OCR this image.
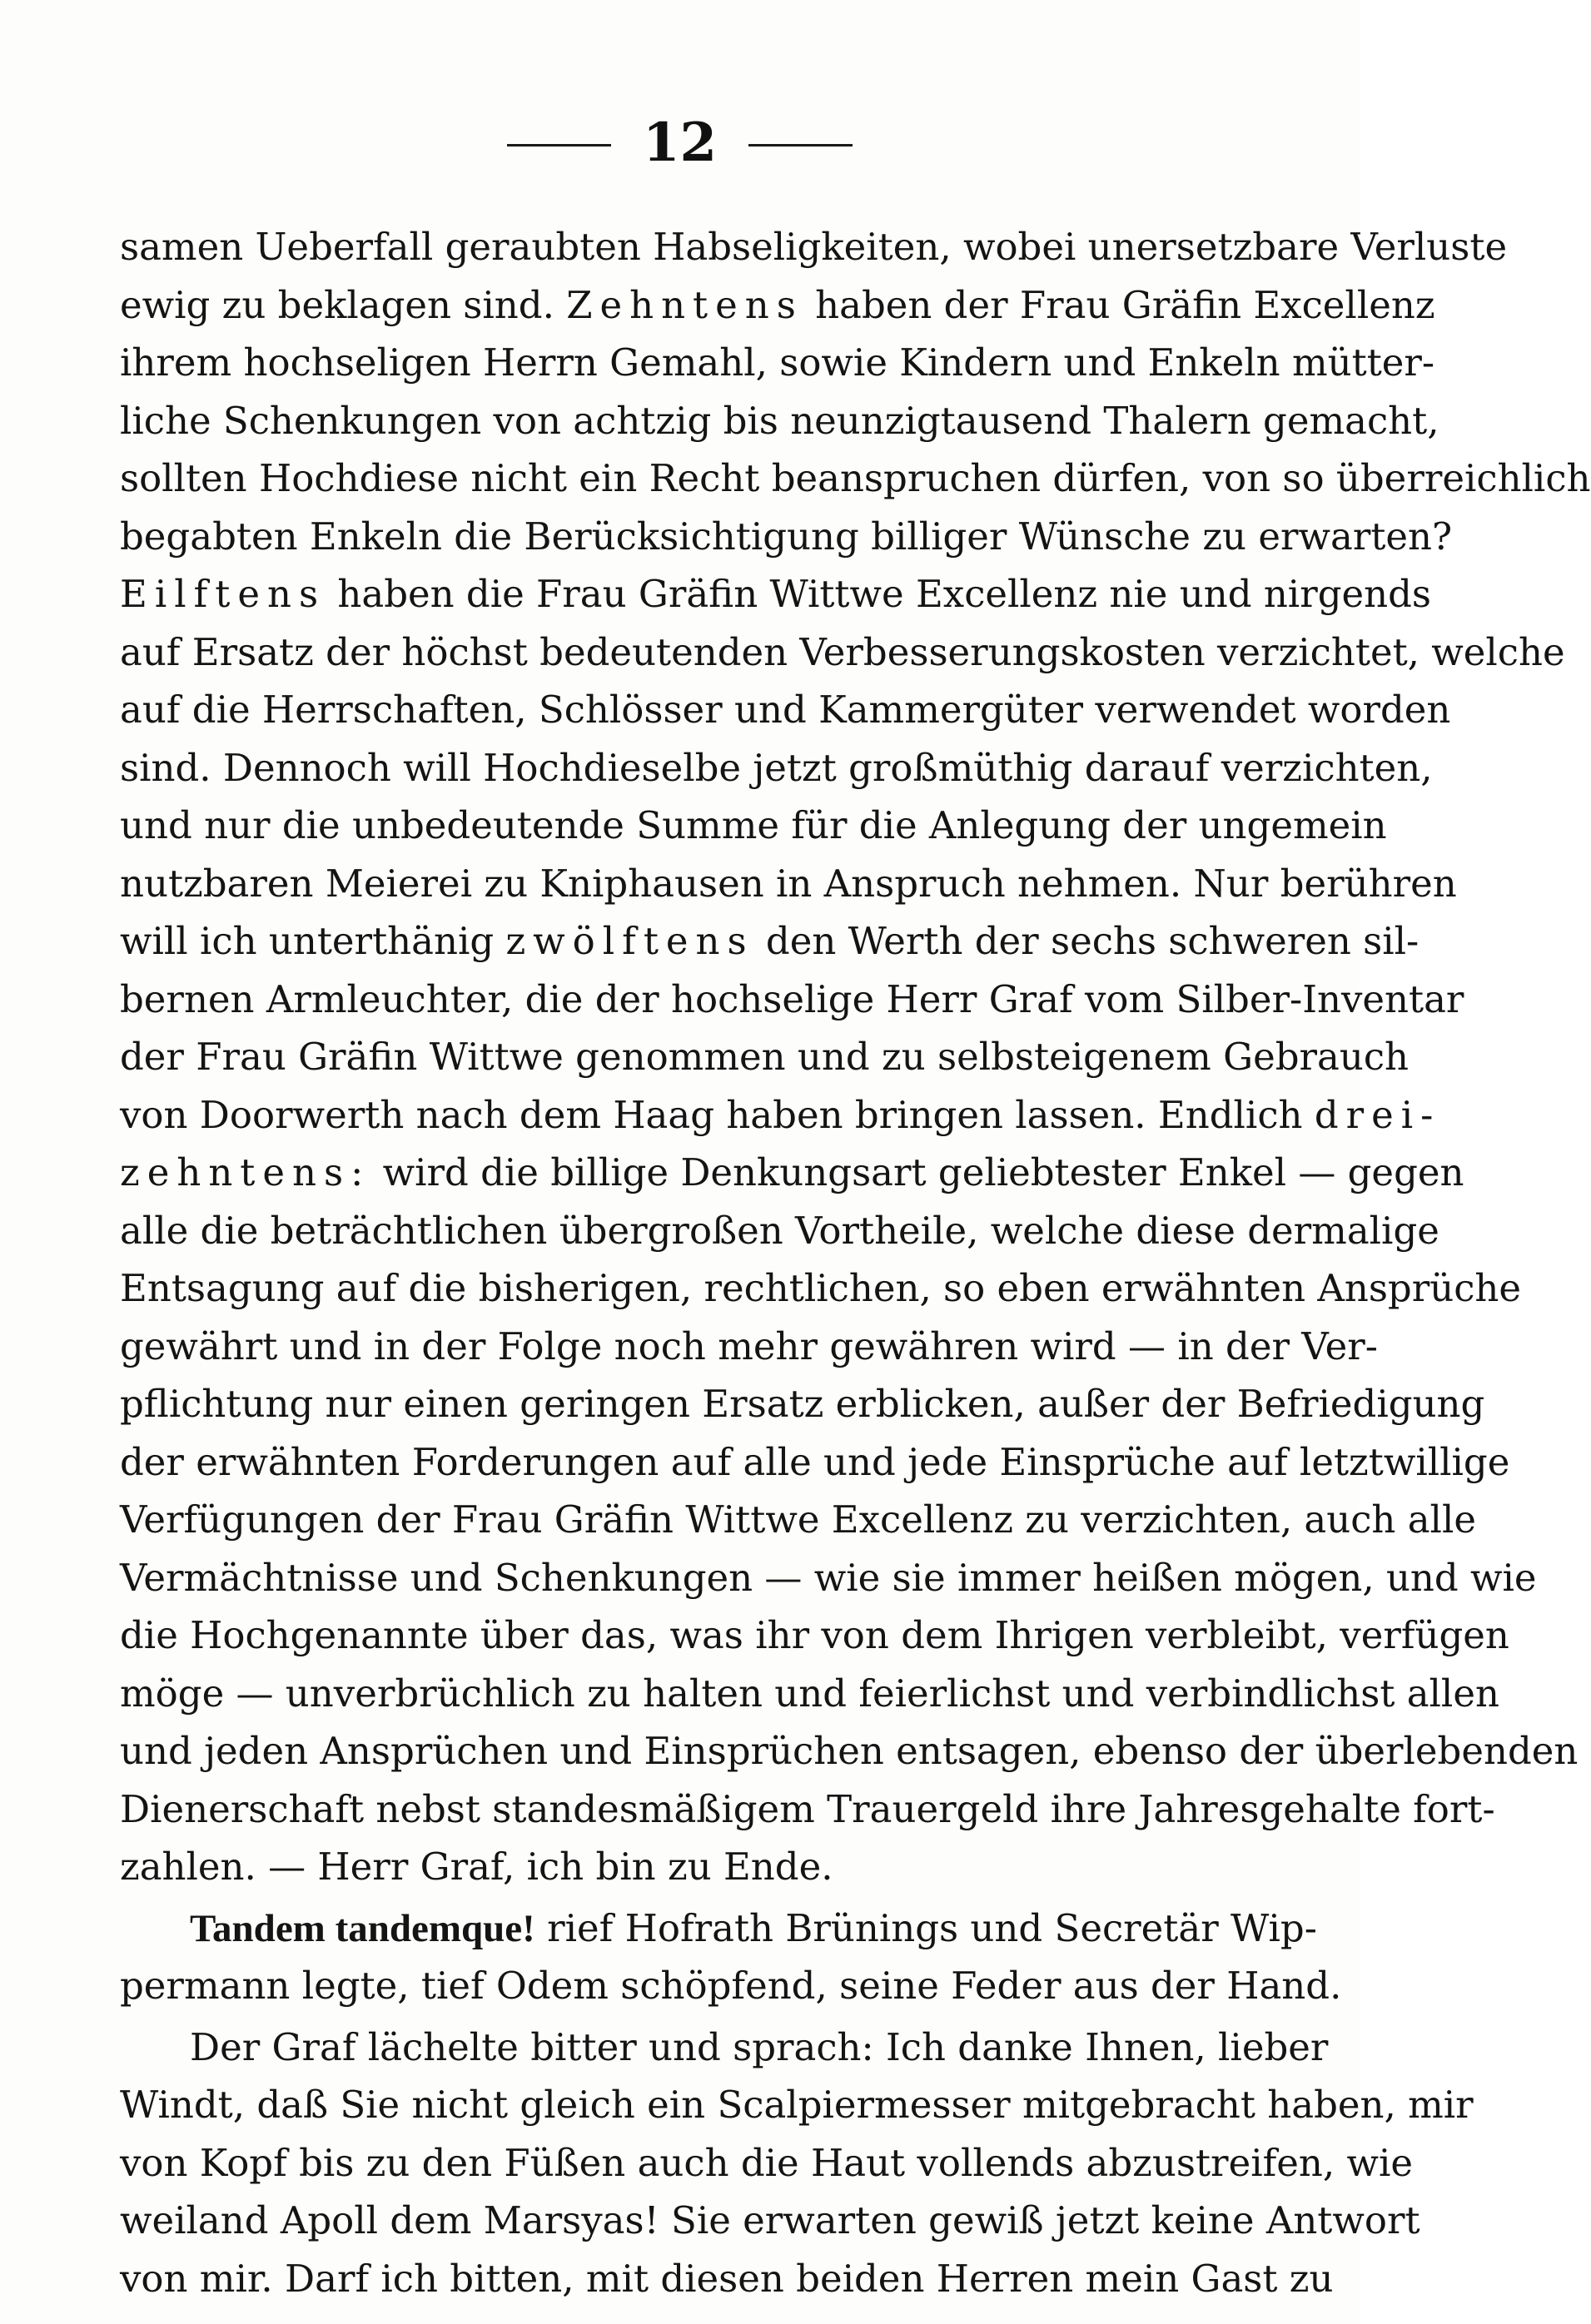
12
samen Ueberfall geraubten Habseligkeiten, wobei unersetzbare Verluste
ewig zu beklagen sind. Zehntens haben der Frau Gräfin Excellenz
ihrem hochseligen Herrn Gemahl, sowie Kindern und Enkeln mütter-
liche Schenkungen von achtzig bis neunzigtausend Thalern gemacht,
sollten Hochdiese nicht ein Recht beanspruchen dürfen, von so überreichlich
begabten Enkeln die Berücksichtigung billiger Wünsche zu erwarten?
Eilftens haben die Frau Gräfin Wittwe Excellenz nie und nirgends
auf Ersatz der höchst bedeutenden Verbesserungskosten verzichtet, welche
auf die Herrschaften, Schlösser und Kammergüter verwendet worden
sind. Dennoch will Hochdieselbe jetzt großmüthig darauf verzichten,
und nur die unbedeutende Summe für die Anlegung der ungemein
nutzbaren Meierei zu Kniphausen in Anspruch nehmen. Nur berühren
will ich unterthänig zwölftens den Werth der sechs schweren sil-
bernen Armleuchter, die der hochselige Herr Graf vom Silber-Inventar
der Frau Gräfin Wittwe genommen und zu selbsteigenem Gebrauch
von Doorwerth nach dem Haag haben bringen lassen. Endlich drei-
zehntens: wird die billige Denkungsart geliebtester Enkel — gegen
alle die beträchtlichen übergroßen Vortheile, welche diese dermalige
Entsagung auf die bisherigen, rechtlichen, so eben erwähnten Ansprüche
gewährt und in der Folge noch mehr gewähren wird — in der Ver-
pflichtung nur einen geringen Ersatz erblicken, außer der Befriedigung
der erwähnten Forderungen auf alle und jede Einsprüche auf letztwillige
Verfügungen der Frau Gräfin Wittwe Excellenz zu verzichten, auch alle
Vermächtnisse und Schenkungen — wie sie immer heißen mögen, und wie
die Hochgenannte über das, was ihr von dem Ihrigen verbleibt, verfügen
möge — unverbrüchlich zu halten und feierlichst und verbindlichst allen
und jeden Ansprüchen und Einsprüchen entsagen, ebenso der überlebenden
Dienerschaft nebst standesmäßigem Trauergeld ihre Jahresgehalte fort-
zahlen. — Herr Graf, ich bin zu Ende.
Tandem tandemque! rief Hofrath Brünings und Secretär Wip-
permann legte, tief Odem schöpfend, seine Feder aus der Hand.
Der Graf lächelte bitter und sprach: Ich danke Ihnen, lieber
Windt, daß Sie nicht gleich ein Scalpiermesser mitgebracht haben, mir
von Kopf bis zu den Füßen auch die Haut vollends abzustreifen, wie
weiland Apoll dem Marsyas! Sie erwarten gewiß jetzt keine Antwort
von mir. Darf ich bitten, mit diesen beiden Herren mein Gast zu
